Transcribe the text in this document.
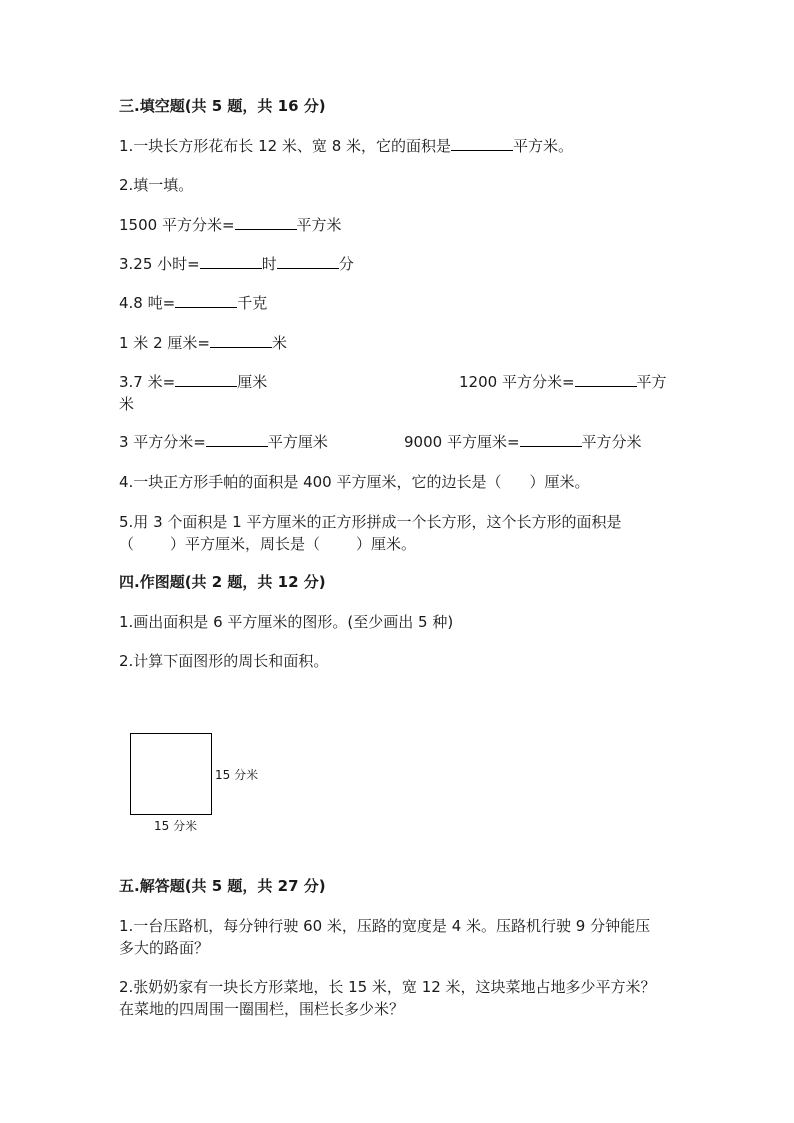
三.填空题(共 5 题，共 16 分)
1.一块长方形花布长 12 米、宽 8 米，它的面积是	平方米。
2.填一填。
1500 平方分米=	平方米
3.25 小时=	时	分
4.8 吨=	千克
1 米 2 厘米=	米
3.7 米=	厘米	1200 平方分米=	平方
米
3 平方分米=	平方厘米	9000 平方厘米=	平方分米
4.一块正方形手帕的面积是 400 平方厘米，它的边长是（ ）厘米。
5.用 3 个面积是 1 平方厘米的正方形拼成一个长方形，这个长方形的面积是
（ ）平方厘米，周长是（ ）厘米。
四.作图题(共 2 题，共 12 分)
1.画出面积是 6 平方厘米的图形。(至少画出 5 种)
2.计算下面图形的周长和面积。
15 分米
15 分米
五.解答题(共 5 题，共 27 分)
1.一台压路机，每分钟行驶 60 米，压路的宽度是 4 米。压路机行驶 9 分钟能压
多大的路面？
2.张奶奶家有一块长方形菜地，长 15 米，宽 12 米，这块菜地占地多少平方米？
在菜地的四周围一圈围栏，围栏长多少米？
